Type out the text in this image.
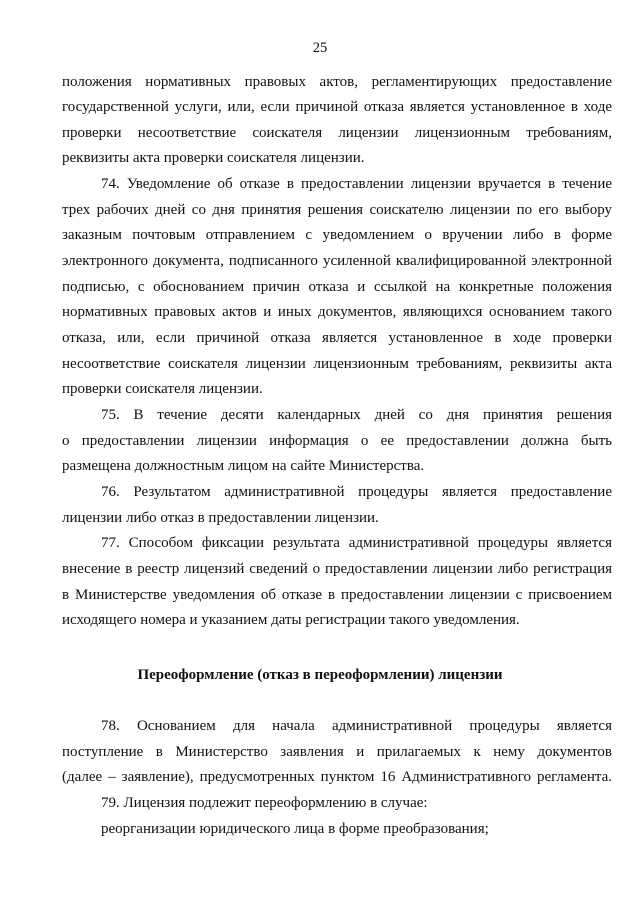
25
положения нормативных правовых актов, регламентирующих предоставление
государственной услуги, или, если причиной отказа является установленное в ходе
проверки несоответствие соискателя лицензии лицензионным требованиям,
реквизиты акта проверки соискателя лицензии.
74. Уведомление об отказе в предоставлении лицензии вручается в течение
трех рабочих дней со дня принятия решения соискателю лицензии по его выбору
заказным почтовым отправлением с уведомлением о вручении либо в форме
электронного документа, подписанного усиленной квалифицированной электронной
подписью, с обоснованием причин отказа и ссылкой на конкретные положения
нормативных правовых актов и иных документов, являющихся основанием такого
отказа, или, если причиной отказа является установленное в ходе проверки
несоответствие соискателя лицензии лицензионным требованиям, реквизиты акта
проверки соискателя лицензии.
75. В течение десяти календарных дней со дня принятия решения
о предоставлении лицензии информация о ее предоставлении должна быть
размещена должностным лицом на сайте Министерства.
76. Результатом административной процедуры является предоставление
лицензии либо отказ в предоставлении лицензии.
77. Способом фиксации результата административной процедуры является
внесение в реестр лицензий сведений о предоставлении лицензии либо регистрация
в Министерстве уведомления об отказе в предоставлении лицензии с присвоением
исходящего номера и указанием даты регистрации такого уведомления.
Переоформление (отказ в переоформлении) лицензии
78. Основанием для начала административной процедуры является
поступление в Министерство заявления и прилагаемых к нему документов
(далее – заявление), предусмотренных пунктом 16 Административного регламента.
79. Лицензия подлежит переоформлению в случае:
реорганизации юридического лица в форме преобразования;
